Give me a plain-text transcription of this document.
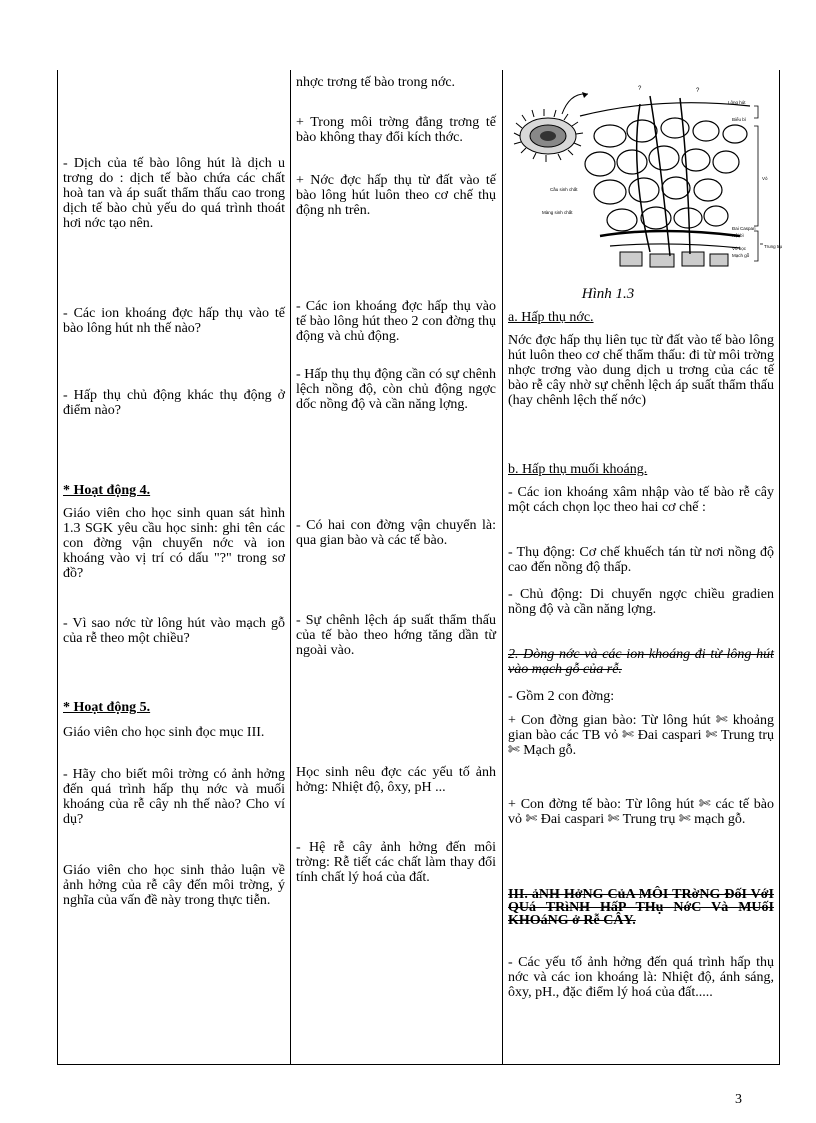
- Dịch của tế bào lông hút là dịch u trơng do : dịch tế bào chứa các chất hoà tan và áp suất thẩm thấu cao trong dịch tế bào chủ yếu do quá trình thoát hơi nớc tạo nên.

- Các ion khoáng đợc hấp thụ vào tế bào lông hút nh thế nào?

- Hấp thụ chủ động khác thụ động ở điểm nào?

* Hoạt động 4.

Giáo viên cho học sinh quan sát hình 1.3 SGK yêu cầu học sinh: ghi tên các con đờng vận chuyển nớc và ion khoáng vào vị trí có dấu "?" trong sơ đồ?

- Vì sao nớc từ lông hút vào mạch gỗ của rễ theo một chiều?

* Hoạt động 5.

Giáo viên cho học sinh đọc mục III.

- Hãy cho biết môi trờng có ảnh hởng đến quá trình hấp thụ nớc và muối khoáng của rễ cây nh thế nào? Cho ví dụ?

Giáo viên cho học sinh thảo luận về ảnh hởng của rễ cây đến môi trờng, ý nghĩa của vấn đề này trong thực tiễn.

nhợc trơng tế bào trong nớc.

+ Trong môi trờng đẳng trơng tế bào không thay đổi kích thớc.

+ Nớc đợc hấp thụ từ đất vào tế bào lông hút luôn theo cơ chế thụ động nh trên.

- Các ion khoáng đợc hấp thụ vào tế bào lông hút theo 2 con đờng thụ động và chủ động.

- Hấp thụ thụ động cần có sự chênh lệch nồng độ, còn chủ động ngợc dốc nồng độ và cần năng lợng.

- Có hai con đờng vận chuyển là: qua gian bào và các tế bào.

- Sự chênh lệch áp suất thẩm thấu của tế bào theo hớng tăng dần từ ngoài vào.

Học sinh nêu đợc các yếu tố ảnh hởng: Nhiệt độ, ôxy, pH ...

- Hệ rễ cây ảnh hởng đến môi trờng: Rễ tiết các chất làm thay đổi tính chất lý hoá của đất.

Lông hút
Biểu bì
Vỏ
Cầu sinh chất
Màng sinh chất
Đai Caspari
Nội bì
Vỏ bọc
Mạch gỗ
Trung trụ
?	?
Hình 1.3

a. Hấp thụ nớc.

Nớc đợc hấp thụ liên tục từ đất vào tế bào lông hút luôn theo cơ chế thẩm thấu: đi từ môi trờng nhợc trơng vào dung dịch u trơng của các tế bào rễ cây nhờ sự chênh lệch áp suất thẩm thấu (hay chênh lệch thế nớc)

b. Hấp thụ muối khoáng.

- Các ion khoáng xâm nhập vào tế bào rễ cây một cách chọn lọc theo hai cơ chế :

- Thụ động: Cơ chế khuếch tán từ nơi nồng độ cao đến nồng độ thấp.

- Chủ động: Di chuyển ngợc chiều gradien nồng độ và cần năng lợng.

2. Dòng nớc và các ion khoáng đi từ lông hút vào mạch gỗ của rễ.

- Gồm 2 con đờng:

+ Con đờng gian bào: Từ lông hút ✄ khoảng gian bào các TB vỏ ✄ Đai caspari ✄ Trung trụ ✄ Mạch gỗ.

+ Con đờng tế bào: Từ lông hút ✄ các tế bào vỏ ✄ Đai caspari ✄ Trung trụ ✄ mạch gỗ.

III. ảNH HởNG CủA MÔI TRờNG ĐốI VớI QUá TRìNH HấP THụ NớC Và MUốI KHOáNG ở Rễ CÂY.

- Các yếu tố ảnh hởng đến quá trình hấp thụ nớc và các ion khoáng là: Nhiệt độ, ánh sáng, ôxy, pH., đặc điểm lý hoá của đất.....

3
